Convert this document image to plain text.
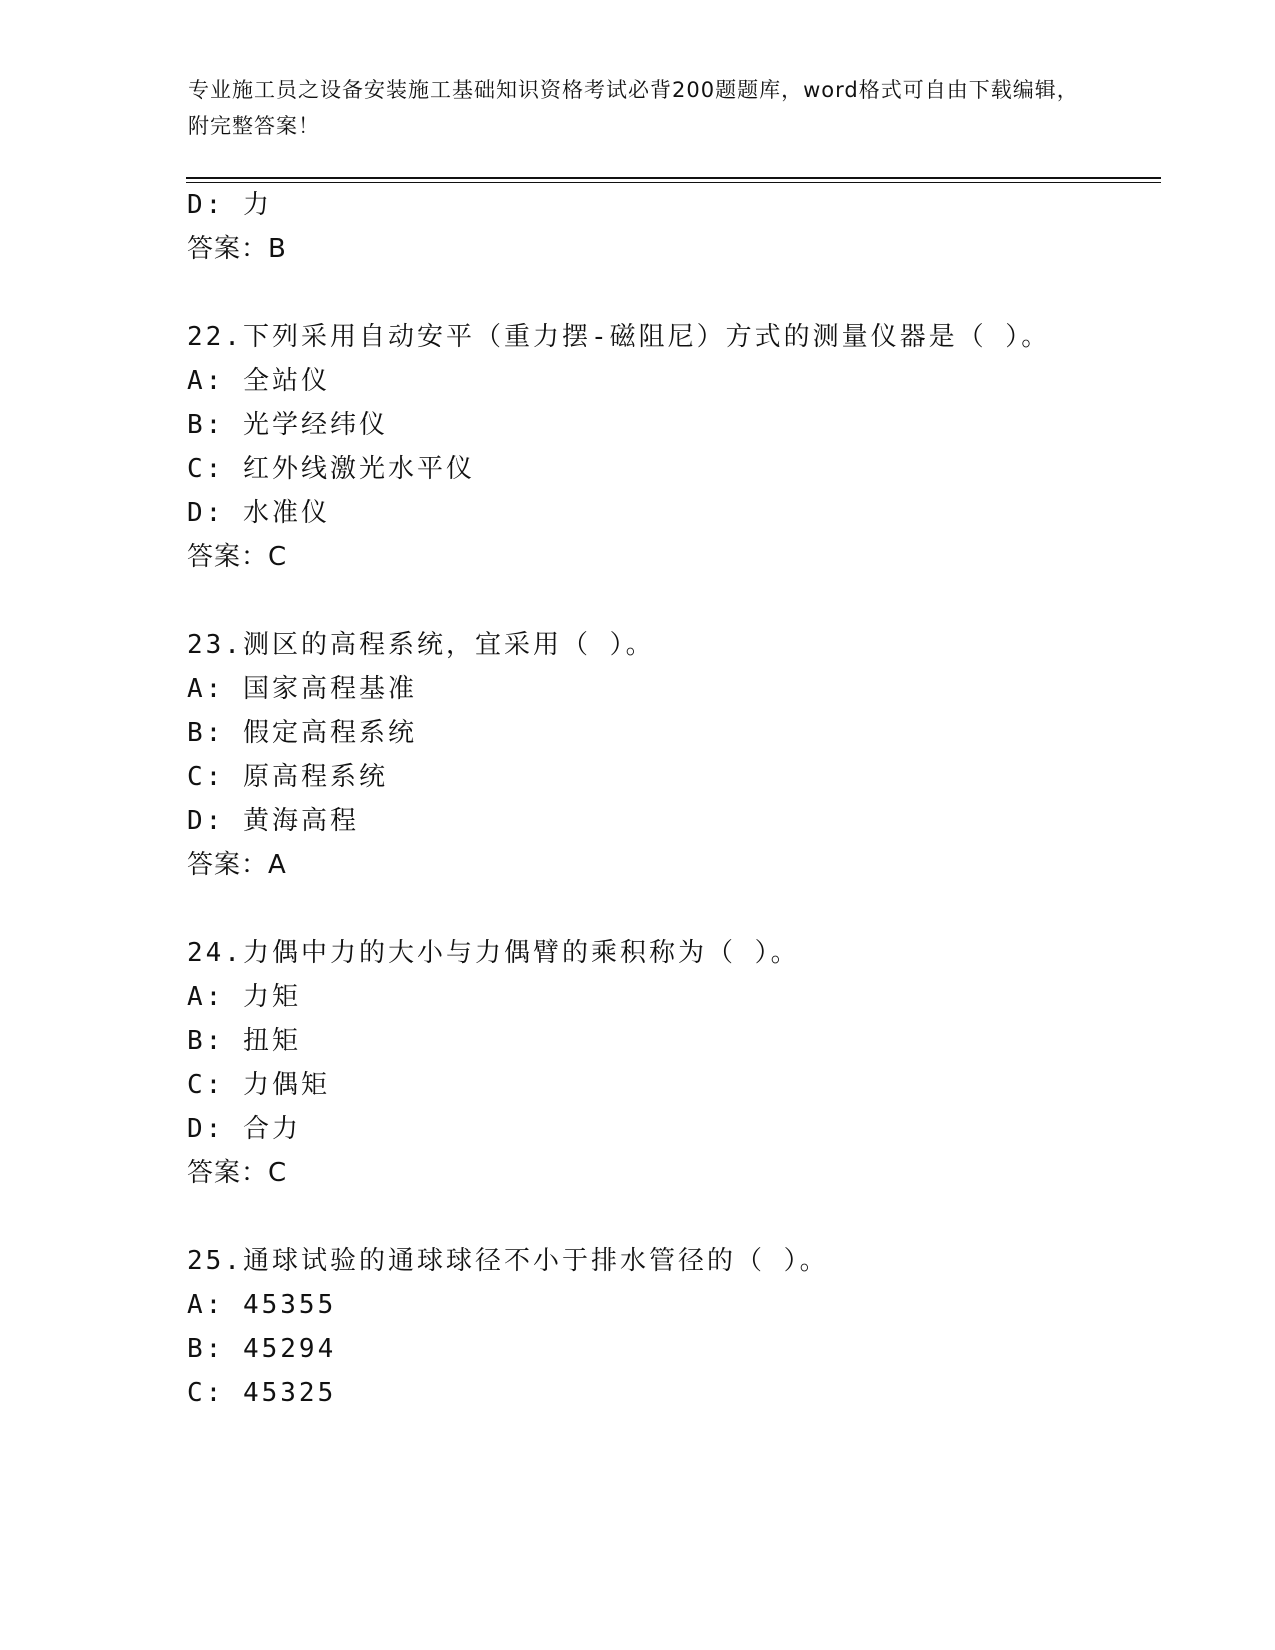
专业施工员之设备安装施工基础知识资格考试必背200题题库，word格式可自由下载编辑，附完整答案！
D: 力
答案：B
22.下列采用自动安平（重力摆-磁阻尼）方式的测量仪器是（ ）。
A: 全站仪
B: 光学经纬仪
C: 红外线激光水平仪
D: 水准仪
答案：C
23.测区的高程系统，宜采用（ ）。
A: 国家高程基准
B: 假定高程系统
C: 原高程系统
D: 黄海高程
答案：A
24.力偶中力的大小与力偶臂的乘积称为（ ）。
A: 力矩
B: 扭矩
C: 力偶矩
D: 合力
答案：C
25.通球试验的通球球径不小于排水管径的（ ）。
A: 45355
B: 45294
C: 45325
